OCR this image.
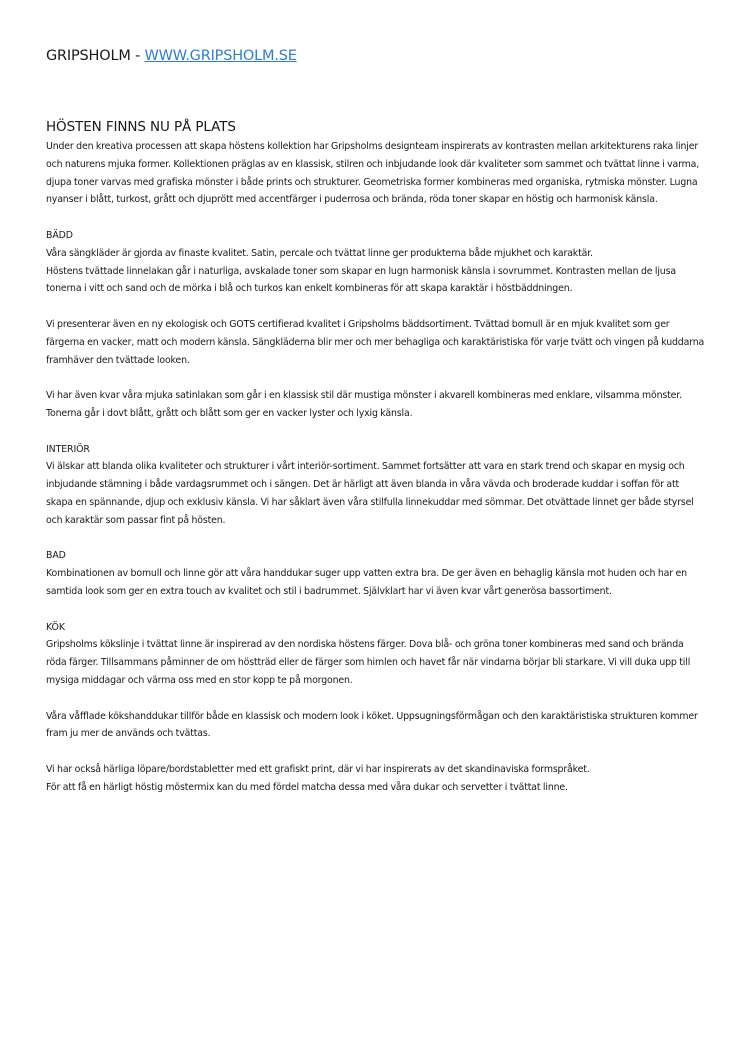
GRIPSHOLM - WWW.GRIPSHOLM.SE
HÖSTEN FINNS NU PÅ PLATS

Under den kreativa processen att skapa höstens kollektion har Gripsholms designteam inspirerats av kontrasten mellan arkitekturens raka linjer och naturens mjuka former. Kollektionen präglas av en klassisk, stilren och inbjudande look där kvaliteter som sammet och tvättat linne i varma, djupa toner varvas med grafiska mönster i både prints och strukturer. Geometriska former kombineras med organiska, rytmiska mönster. Lugna nyanser i blått, turkost, grått och djuprött med accentfärger i puderrosa och brända, röda toner skapar en höstig och harmonisk känsla.

BÄDD

Våra sängkläder är gjorda av finaste kvalitet. Satin, percale och tvättat linne ger produkterna både mjukhet och karaktär.

Höstens tvättade linnelakan går i naturliga, avskalade toner som skapar en lugn harmonisk känsla i sovrummet. Kontrasten mellan de ljusa tonerna i vitt och sand och de mörka i blå och turkos kan enkelt kombineras för att skapa karaktär i höstbäddningen.

Vi presenterar även en ny ekologisk och GOTS certifierad kvalitet i Gripsholms bäddsortiment. Tvättad bomull är en mjuk kvalitet som ger färgerna en vacker, matt och modern känsla. Sängkläderna blir mer och mer behagliga och karaktäristiska för varje tvätt och vingen på kuddarna framhäver den tvättade looken.

Vi har även kvar våra mjuka satinlakan som går i en klassisk stil där mustiga mönster i akvarell kombineras med enklare, vilsamma mönster. Tonerna går i dovt blått, grått och blått som ger en vacker lyster och lyxig känsla.

INTERIÖR

Vi älskar att blanda olika kvaliteter och strukturer i vårt interiör-sortiment. Sammet fortsätter att vara en stark trend och skapar en mysig och inbjudande stämning i både vardagsrummet och i sängen. Det är härligt att även blanda in våra vävda och broderade kuddar i soffan för att skapa en spännande, djup och exklusiv känsla. Vi har såklart även våra stilfulla linnekuddar med sömmar. Det otvättade linnet ger både styrsel och karaktär som passar fint på hösten.

BAD

Kombinationen av bomull och linne gör att våra handdukar suger upp vatten extra bra. De ger även en behaglig känsla mot huden och har en samtida look som ger en extra touch av kvalitet och stil i badrummet. Självklart har vi även kvar vårt generösa bassortiment.

KÖK

Gripsholms kökslinje i tvättat linne är inspirerad av den nordiska höstens färger. Dova blå- och gröna toner kombineras med sand och brända röda färger. Tillsammans påminner de om höstträd eller de färger som himlen och havet får när vindarna börjar bli starkare. Vi vill duka upp till mysiga middagar och värma oss med en stor kopp te på morgonen.

Våra våfflade kökshanddukar tillför både en klassisk och modern look i köket. Uppsugningsförmågan och den karaktäristiska strukturen kommer fram ju mer de används och tvättas.

Vi har också härliga löpare/bordstabletter med ett grafiskt print, där vi har inspirerats av det skandinaviska formspråket.

För att få en härligt höstig möstermix kan du med fördel matcha dessa med våra dukar och servetter i tvättat linne.
